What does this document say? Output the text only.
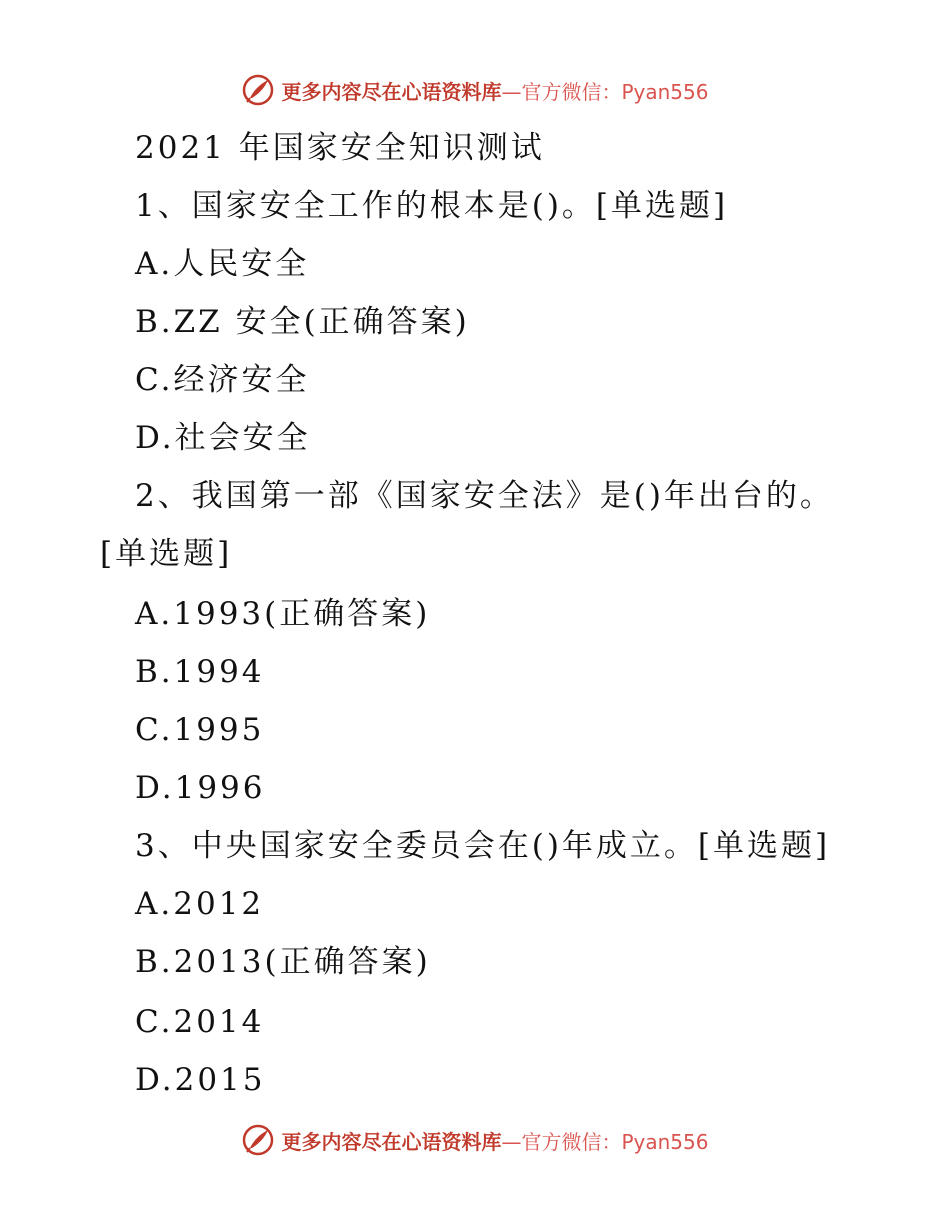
更多内容尽在心语资料库—官方微信：Pyan556
2021 年国家安全知识测试
1、国家安全工作的根本是()。[单选题]
A.人民安全
B.ZZ 安全(正确答案)
C.经济安全
D.社会安全
2、我国第一部《国家安全法》是()年出台的。
[单选题]
A.1993(正确答案)
B.1994
C.1995
D.1996
3、中央国家安全委员会在()年成立。[单选题]
A.2012
B.2013(正确答案)
C.2014
D.2015
更多内容尽在心语资料库—官方微信：Pyan556
